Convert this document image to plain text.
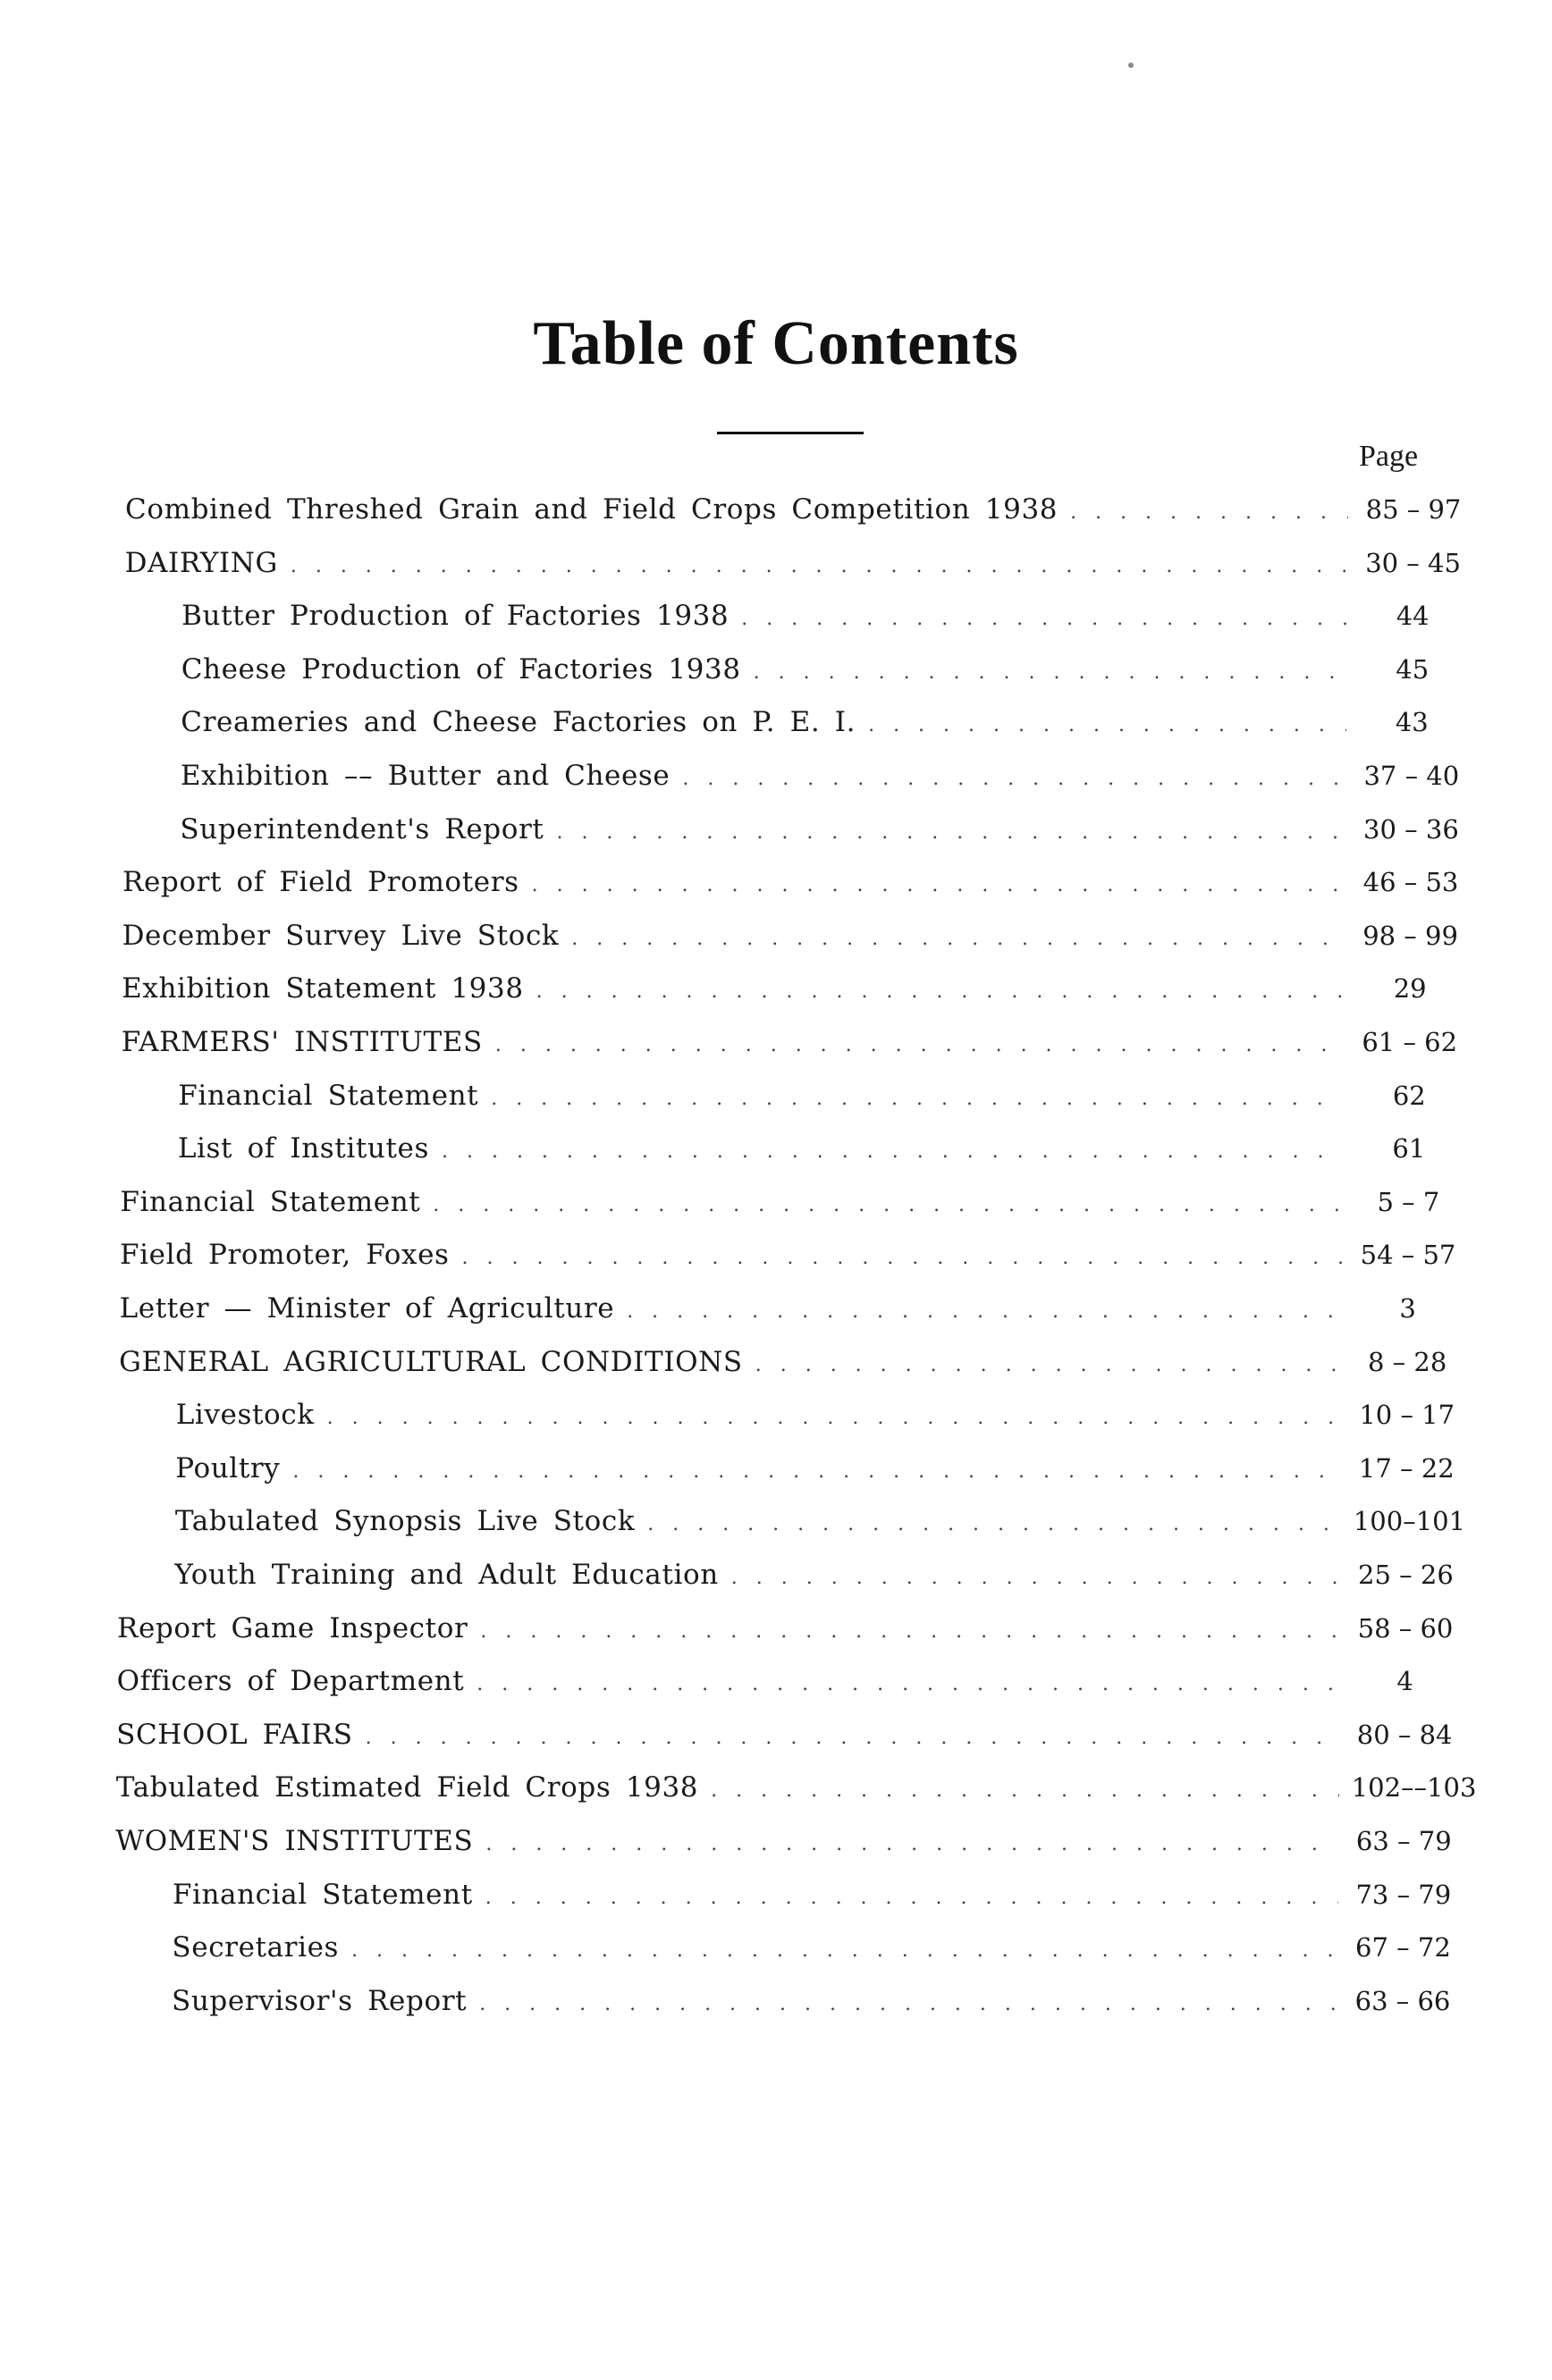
Table of Contents
Page
Combined Threshed Grain and Field Crops Competition 1938 . . .	85 – 97
DAIRYING . . .	30 – 45
Butter Production of Factories 1938 . . .	44
Cheese Production of Factories 1938 . . .	45
Creameries and Cheese Factories on P. E. I. . . .	43
Exhibition –– Butter and Cheese . . .	37 – 40
Superintendent's Report . . .	30 – 36
Report of Field Promoters . . .	46 – 53
December Survey Live Stock . . .	98 – 99
Exhibition Statement 1938 . . .	29
FARMERS' INSTITUTES . . .	61 – 62
Financial Statement . . .	62
List of Institutes . . .	61
Financial Statement . . .	5 – 7
Field Promoter, Foxes . . .	54 – 57
Letter — Minister of Agriculture . . .	3
GENERAL AGRICULTURAL CONDITIONS . . .	8 – 28
Livestock . . .	10 – 17
Poultry . . .	17 – 22
Tabulated Synopsis Live Stock . . .	100–101
Youth Training and Adult Education . . .	25 – 26
Report Game Inspector . . .	58 – 60
Officers of Department . . .	4
SCHOOL FAIRS . . .	80 – 84
Tabulated Estimated Field Crops 1938 . . .	102––103
WOMEN'S INSTITUTES . . .	63 – 79
Financial Statement . . .	73 – 79
Secretaries . . .	67 – 72
Supervisor's Report . . .	63 – 66
